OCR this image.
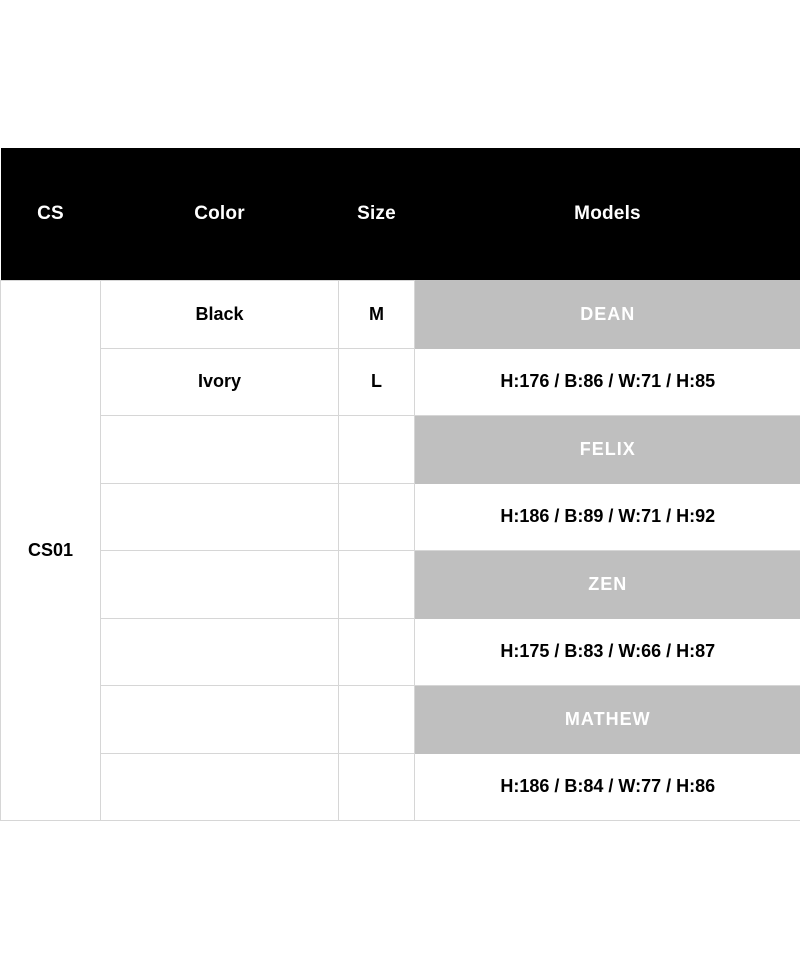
CS	Color	Size	Models
CS01	Black	M	DEAN
	Ivory	L	H:176 / B:86 / W:71 / H:85
			FELIX
			H:186 / B:89 / W:71 / H:92
			ZEN
			H:175 / B:83 / W:66 / H:87
			MATHEW
			H:186 / B:84 / W:77 / H:86
